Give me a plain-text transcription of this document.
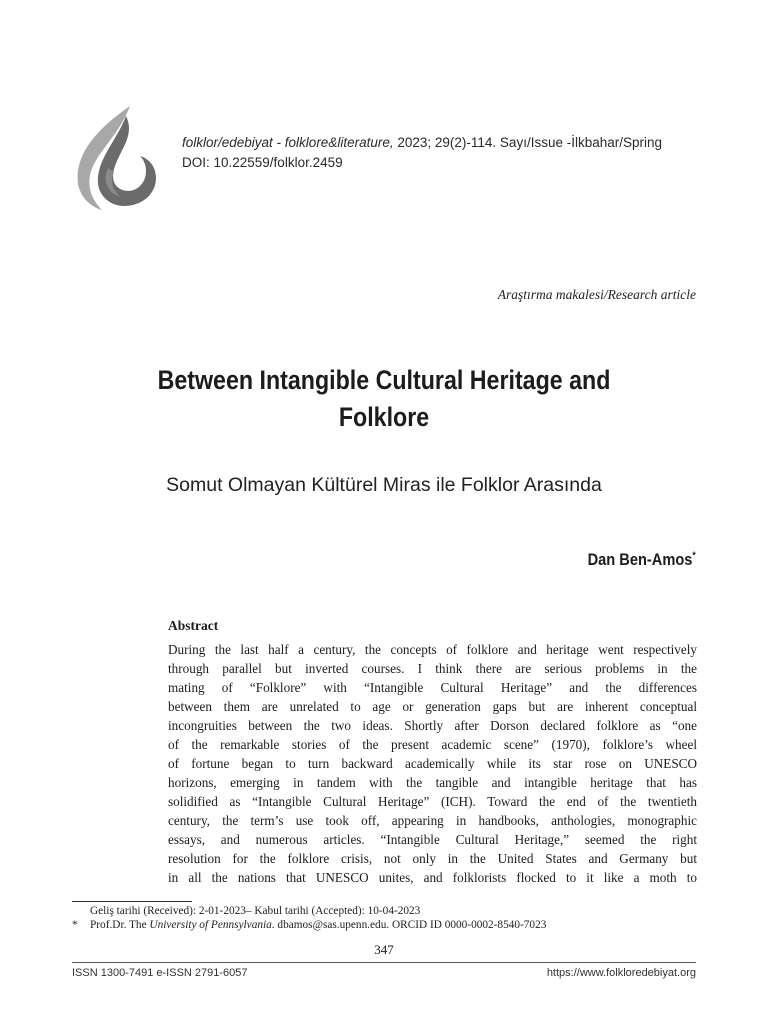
folklor/edebiyat - folklore&literature, 2023; 29(2)-114. Sayı/Issue -İlkbahar/Spring
DOI: 10.22559/folklor.2459
Araştırma makalesi/Research article
Between Intangible Cultural Heritage and
Folklore
Somut Olmayan Kültürel Miras ile Folklor Arasında
Dan Ben-Amos*
Abstract
During the last half a century, the concepts of folklore and heritage went respectively
through parallel but inverted courses. I think there are serious problems in the
mating of “Folklore” with “Intangible Cultural Heritage” and the differences
between them are unrelated to age or generation gaps but are inherent conceptual
incongruities between the two ideas. Shortly after Dorson declared folklore as “one
of the remarkable stories of the present academic scene” (1970), folklore’s wheel
of fortune began to turn backward academically while its star rose on UNESCO
horizons, emerging in tandem with the tangible and intangible heritage that has
solidified as “Intangible Cultural Heritage” (ICH). Toward the end of the twentieth
century, the term’s use took off, appearing in handbooks, anthologies, monographic
essays, and numerous articles. “Intangible Cultural Heritage,” seemed the right
resolution for the folklore crisis, not only in the United States and Germany but
in all the nations that UNESCO unites, and folklorists flocked to it like a moth to
Geliş tarihi (Received): 2-01-2023– Kabul tarihi (Accepted): 10-04-2023
* Prof.Dr. The University of Pennsylvania. dbamos@sas.upenn.edu. ORCID ID 0000-0002-8540-7023
347
ISSN 1300-7491 e-ISSN 2791-6057	https://www.folkloredebiyat.org
